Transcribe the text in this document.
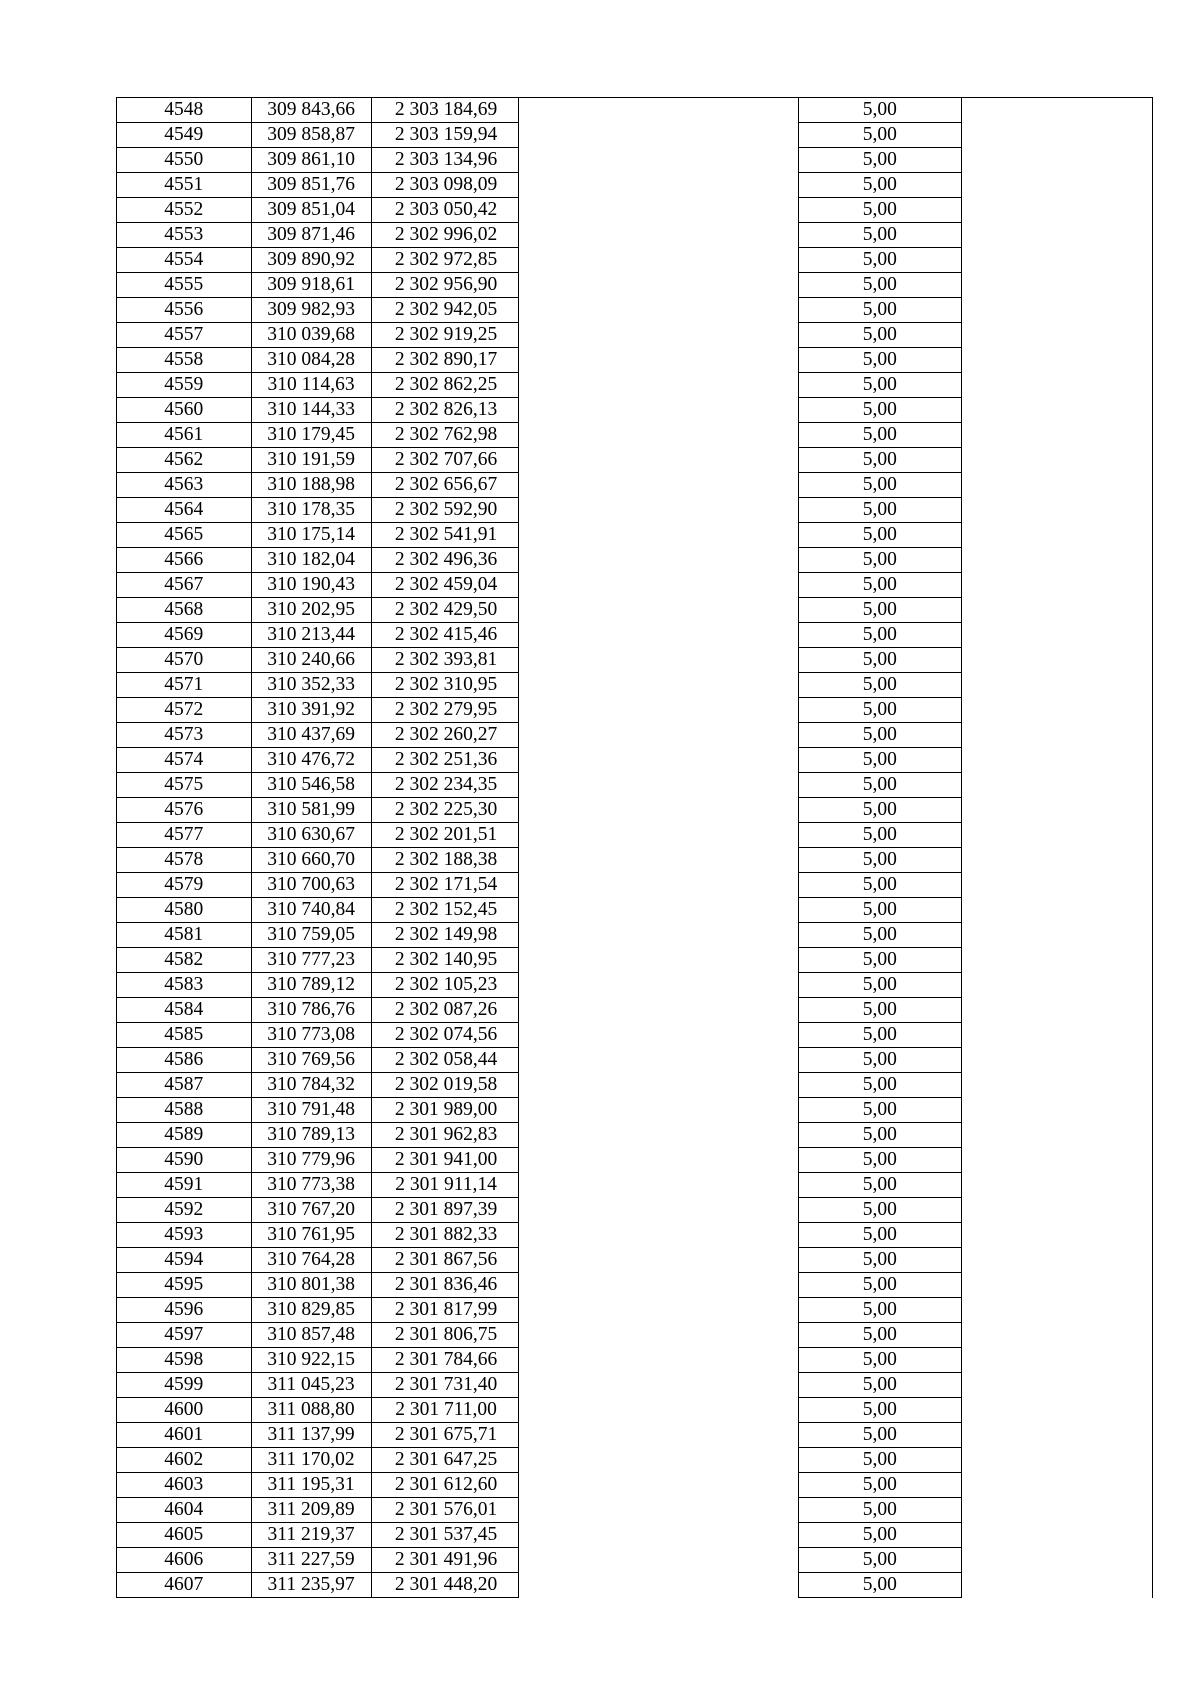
4548	309 843,66	2 303 184,69		5,00	
4549	309 858,87	2 303 159,94		5,00	
4550	309 861,10	2 303 134,96		5,00	
4551	309 851,76	2 303 098,09		5,00	
4552	309 851,04	2 303 050,42		5,00	
4553	309 871,46	2 302 996,02		5,00	
4554	309 890,92	2 302 972,85		5,00	
4555	309 918,61	2 302 956,90		5,00	
4556	309 982,93	2 302 942,05		5,00	
4557	310 039,68	2 302 919,25		5,00	
4558	310 084,28	2 302 890,17		5,00	
4559	310 114,63	2 302 862,25		5,00	
4560	310 144,33	2 302 826,13		5,00	
4561	310 179,45	2 302 762,98		5,00	
4562	310 191,59	2 302 707,66		5,00	
4563	310 188,98	2 302 656,67		5,00	
4564	310 178,35	2 302 592,90		5,00	
4565	310 175,14	2 302 541,91		5,00	
4566	310 182,04	2 302 496,36		5,00	
4567	310 190,43	2 302 459,04		5,00	
4568	310 202,95	2 302 429,50		5,00	
4569	310 213,44	2 302 415,46		5,00	
4570	310 240,66	2 302 393,81		5,00	
4571	310 352,33	2 302 310,95		5,00	
4572	310 391,92	2 302 279,95		5,00	
4573	310 437,69	2 302 260,27		5,00	
4574	310 476,72	2 302 251,36		5,00	
4575	310 546,58	2 302 234,35		5,00	
4576	310 581,99	2 302 225,30		5,00	
4577	310 630,67	2 302 201,51		5,00	
4578	310 660,70	2 302 188,38		5,00	
4579	310 700,63	2 302 171,54		5,00	
4580	310 740,84	2 302 152,45		5,00	
4581	310 759,05	2 302 149,98		5,00	
4582	310 777,23	2 302 140,95		5,00	
4583	310 789,12	2 302 105,23		5,00	
4584	310 786,76	2 302 087,26		5,00	
4585	310 773,08	2 302 074,56		5,00	
4586	310 769,56	2 302 058,44		5,00	
4587	310 784,32	2 302 019,58		5,00	
4588	310 791,48	2 301 989,00		5,00	
4589	310 789,13	2 301 962,83		5,00	
4590	310 779,96	2 301 941,00		5,00	
4591	310 773,38	2 301 911,14		5,00	
4592	310 767,20	2 301 897,39		5,00	
4593	310 761,95	2 301 882,33		5,00	
4594	310 764,28	2 301 867,56		5,00	
4595	310 801,38	2 301 836,46		5,00	
4596	310 829,85	2 301 817,99		5,00	
4597	310 857,48	2 301 806,75		5,00	
4598	310 922,15	2 301 784,66		5,00	
4599	311 045,23	2 301 731,40		5,00	
4600	311 088,80	2 301 711,00		5,00	
4601	311 137,99	2 301 675,71		5,00	
4602	311 170,02	2 301 647,25		5,00	
4603	311 195,31	2 301 612,60		5,00	
4604	311 209,89	2 301 576,01		5,00	
4605	311 219,37	2 301 537,45		5,00	
4606	311 227,59	2 301 491,96		5,00	
4607	311 235,97	2 301 448,20		5,00	
